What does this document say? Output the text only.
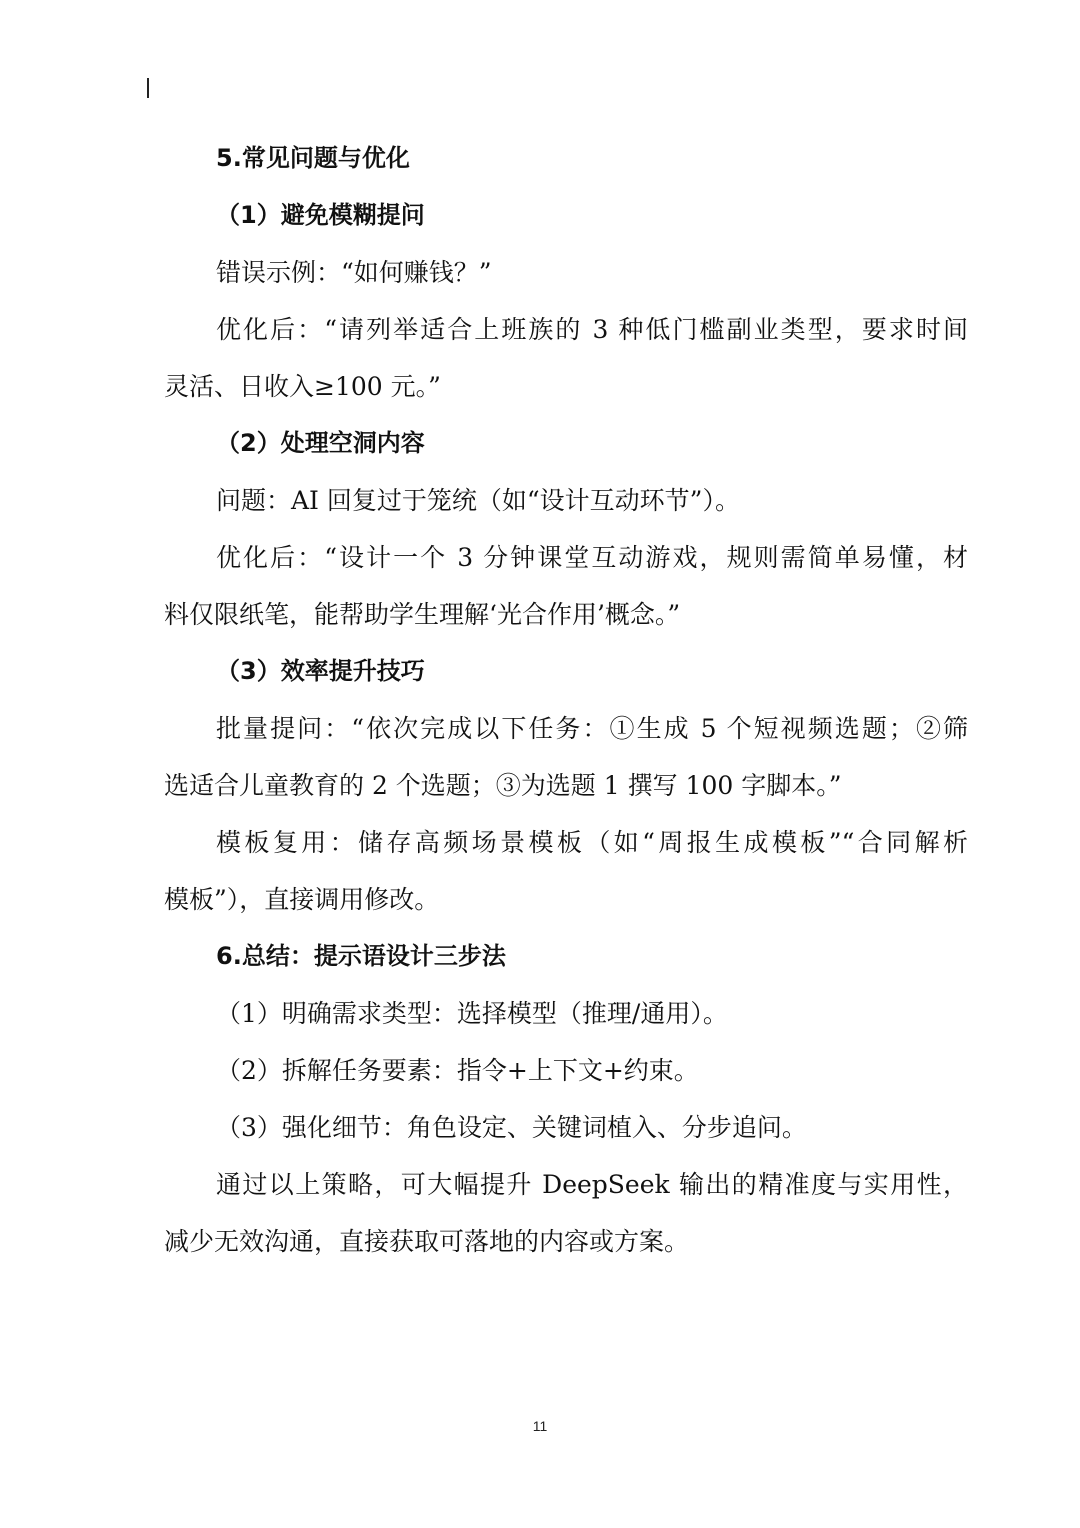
5.常见问题与优化
（1）避免模糊提问
错误示例：“如何赚钱？”
优化后：“请列举适合上班族的 3 种低门槛副业类型，要求时间
灵活、日收入≥100 元。”
（2）处理空洞内容
问题：AI 回复过于笼统（如“设计互动环节”）。
优化后：“设计一个 3 分钟课堂互动游戏，规则需简单易懂，材
料仅限纸笔，能帮助学生理解‘光合作用’概念。”
（3）效率提升技巧
批量提问：“依次完成以下任务：①生成 5 个短视频选题；②筛
选适合儿童教育的 2 个选题；③为选题 1 撰写 100 字脚本。”
模板复用：储存高频场景模板（如“周报生成模板”“合同解析
模板”），直接调用修改。
6.总结：提示语设计三步法
（1）明确需求类型：选择模型（推理/通用）。
（2）拆解任务要素：指令+上下文+约束。
（3）强化细节：角色设定、关键词植入、分步追问。
通过以上策略，可大幅提升 DeepSeek 输出的精准度与实用性，
减少无效沟通，直接获取可落地的内容或方案。
11
